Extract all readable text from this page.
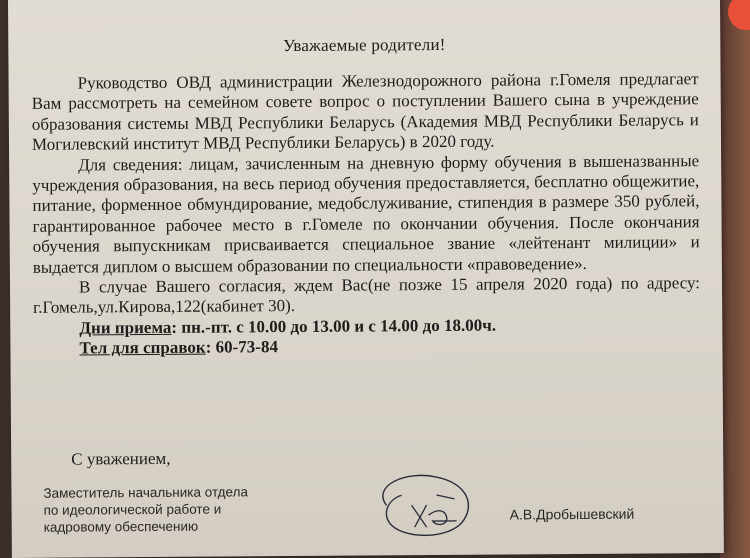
Уважаемые родители!

Руководство ОВД администрации Железнодорожного района г.Гомеля предлагает Вам рассмотреть на семейном совете вопрос о поступлении Вашего сына в учреждение образования системы МВД Республики Беларусь (Академия МВД Республики Беларусь и Могилевский институт МВД Республики Беларусь) в 2020 году.

Для сведения: лицам, зачисленным на дневную форму обучения в вышеназванные учреждения образования, на весь период обучения предоставляется, бесплатно общежитие, питание, форменное обмундирование, медобслуживание, стипендия в размере 350 рублей, гарантированное рабочее место в г.Гомеле по окончании обучения. После окончания обучения выпускникам присваивается специальное звание «лейтенант милиции» и выдается диплом о высшем образовании по специальности «правоведение».

В случае Вашего согласия, ждем Вас(не позже 15 апреля 2020 года) по адресу: г.Гомель,ул.Кирова,122(кабинет 30).

Дни приема: пн.-пт. с 10.00 до 13.00 и с 14.00 до 18.00ч.

Тел для справок: 60-73-84

С уважением,
Заместитель начальника отдела
по идеологической работе и
кадровому обеспечению
А.В.Дробышевский
